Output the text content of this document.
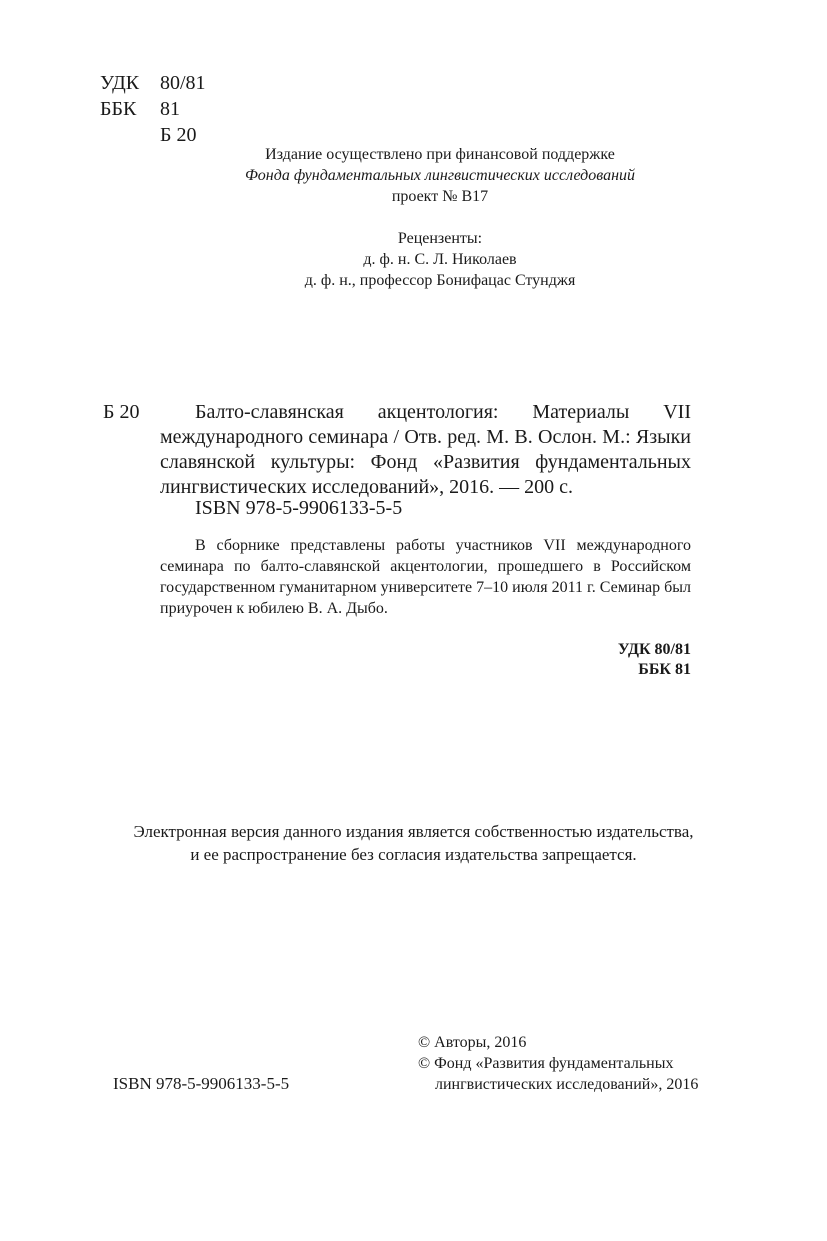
УДК	80/81
ББК	81
Б 20
Издание осуществлено при финансовой поддержке
Фонда фундаментальных лингвистических исследований
проект № В17
Рецензенты:
д. ф. н. С. Л. Николаев
д. ф. н., профессор Бонифацас Стунджя
Б 20	Балто-славянская акцентология: Материалы VII международного семинара / Отв. ред. М. В. Ослон. М.: Языки славянской культуры: Фонд «Развития фундаментальных лингвистических исследований», 2016. — 200 с.
ISBN 978-5-9906133-5-5
В сборнике представлены работы участников VII международного семинара по балто-славянской акцентологии, прошедшего в Российском государственном гуманитарном университете 7–10 июля 2011 г. Семинар был приурочен к юбилею В. А. Дыбо.
УДК 80/81
ББК 81
Электронная версия данного издания является собственностью издательства,
и ее распространение без согласия издательства запрещается.
© Авторы, 2016
© Фонд «Развития фундаментальных
лингвистических исследований», 2016
ISBN 978-5-9906133-5-5
